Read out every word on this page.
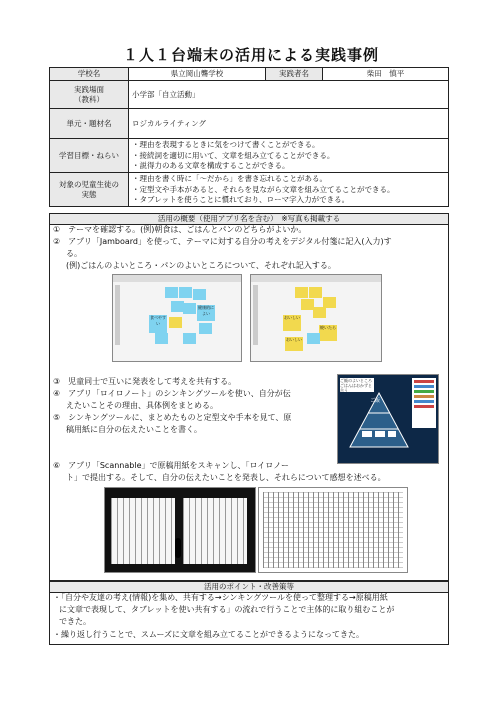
１人１台端末の活用による実践事例
学校名	県立岡山聾学校	実践者名	柴田　慎平
実践場面
（教科）	小学部「自立活動」		
単元・題材名	ロジカルライティング		
学習目標・ねらい	・理由を表現するときに気をつけて書くことができる。
・接続詞を適切に用いて、文章を組み立てることができる。
・説得力のある文章を構成することができる。		
対象の児童生徒の
実態	・理由を書く時に「～だから」を書き忘れることがある。
・定型文や手本があると、それらを見ながら文章を組み立てることができる。
・タブレットを使うことに慣れており、ローマ字入力ができる。		
活用の概要（使用アプリ名を含む）　※写真も掲載する
①　テーマを確認する。(例)朝食は、ごはんとパンのどちらがよいか。
②　アプリ「Jamboard」を使って、テーマに対する自分の考えをデジタル付箋に記入(入力)す
る。
(例)ごはんのよいところ・パンのよいところについて、それぞれ記入する。
食べやすい
健康的によい
おいしい
焼いたら
おいしい
③　児童同士で互いに発表をして考えを共有する。
④　アプリ「ロイロノート」のシンキングツールを使い、自分が伝
えたいことその理由、具体例をまとめる。
⑤　シンキングツールに、まとめたものと定型文や手本を見て、原
稿用紙に自分の伝えたいことを書く。
ご飯のよいところ ごはんはおかずと合う
ご飯
⑥　アプリ「Scannable」で原稿用紙をスキャンし、「ロイロノー
ト」で提出する。そして、自分の伝えたいことを発表し、それらについて感想を述べる。
活用のポイント・改善策等
・「自分や友達の考え(情報)を集め、共有する→シンキングツールを使って整理する→原稿用紙
に文章で表現して、タブレットを使い共有する」の流れで行うことで主体的に取り組むことが
できた。
・繰り返し行うことで、スムーズに文章を組み立てることができるようになってきた。
